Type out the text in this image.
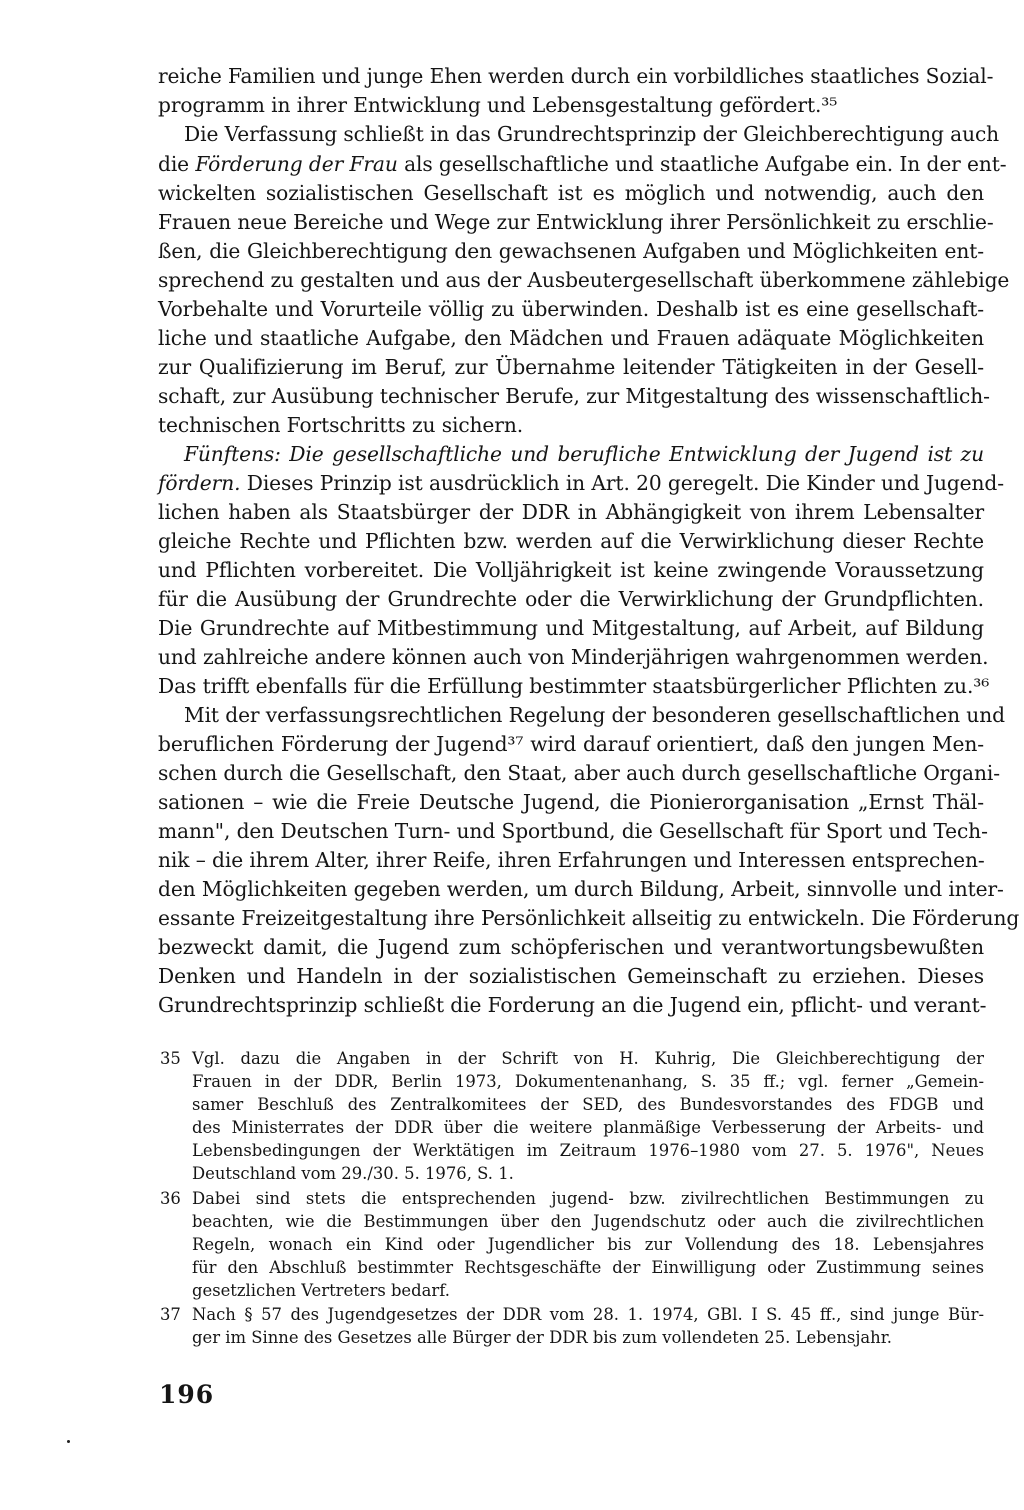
reiche Familien und junge Ehen werden durch ein vorbildliches staatliches Sozial-
programm in ihrer Entwicklung und Lebensgestaltung gefördert.³⁵
Die Verfassung schließt in das Grundrechtsprinzip der Gleichberechtigung auch
die Förderung der Frau als gesellschaftliche und staatliche Aufgabe ein. In der ent-
wickelten sozialistischen Gesellschaft ist es möglich und notwendig, auch den
Frauen neue Bereiche und Wege zur Entwicklung ihrer Persönlichkeit zu erschlie-
ßen, die Gleichberechtigung den gewachsenen Aufgaben und Möglichkeiten ent-
sprechend zu gestalten und aus der Ausbeutergesellschaft überkommene zählebige
Vorbehalte und Vorurteile völlig zu überwinden. Deshalb ist es eine gesellschaft-
liche und staatliche Aufgabe, den Mädchen und Frauen adäquate Möglichkeiten
zur Qualifizierung im Beruf, zur Übernahme leitender Tätigkeiten in der Gesell-
schaft, zur Ausübung technischer Berufe, zur Mitgestaltung des wissenschaftlich-
technischen Fortschritts zu sichern.
Fünftens: Die gesellschaftliche und berufliche Entwicklung der Jugend ist zu
fördern. Dieses Prinzip ist ausdrücklich in Art. 20 geregelt. Die Kinder und Jugend-
lichen haben als Staatsbürger der DDR in Abhängigkeit von ihrem Lebensalter
gleiche Rechte und Pflichten bzw. werden auf die Verwirklichung dieser Rechte
und Pflichten vorbereitet. Die Volljährigkeit ist keine zwingende Voraussetzung
für die Ausübung der Grundrechte oder die Verwirklichung der Grundpflichten.
Die Grundrechte auf Mitbestimmung und Mitgestaltung, auf Arbeit, auf Bildung
und zahlreiche andere können auch von Minderjährigen wahrgenommen werden.
Das trifft ebenfalls für die Erfüllung bestimmter staatsbürgerlicher Pflichten zu.³⁶
Mit der verfassungsrechtlichen Regelung der besonderen gesellschaftlichen und
beruflichen Förderung der Jugend³⁷ wird darauf orientiert, daß den jungen Men-
schen durch die Gesellschaft, den Staat, aber auch durch gesellschaftliche Organi-
sationen – wie die Freie Deutsche Jugend, die Pionierorganisation „Ernst Thäl-
mann", den Deutschen Turn- und Sportbund, die Gesellschaft für Sport und Tech-
nik – die ihrem Alter, ihrer Reife, ihren Erfahrungen und Interessen entsprechen-
den Möglichkeiten gegeben werden, um durch Bildung, Arbeit, sinnvolle und inter-
essante Freizeitgestaltung ihre Persönlichkeit allseitig zu entwickeln. Die Förderung
bezweckt damit, die Jugend zum schöpferischen und verantwortungsbewußten
Denken und Handeln in der sozialistischen Gemeinschaft zu erziehen. Dieses
Grundrechtsprinzip schließt die Forderung an die Jugend ein, pflicht- und verant-
35 Vgl. dazu die Angaben in der Schrift von H. Kuhrig, Die Gleichberechtigung der
Frauen in der DDR, Berlin 1973, Dokumentenanhang, S. 35 ff.; vgl. ferner „Gemein-
samer Beschluß des Zentralkomitees der SED, des Bundesvorstandes des FDGB und
des Ministerrates der DDR über die weitere planmäßige Verbesserung der Arbeits- und
Lebensbedingungen der Werktätigen im Zeitraum 1976–1980 vom 27. 5. 1976", Neues
Deutschland vom 29./30. 5. 1976, S. 1.
36 Dabei sind stets die entsprechenden jugend- bzw. zivilrechtlichen Bestimmungen zu
beachten, wie die Bestimmungen über den Jugendschutz oder auch die zivilrechtlichen
Regeln, wonach ein Kind oder Jugendlicher bis zur Vollendung des 18. Lebensjahres
für den Abschluß bestimmter Rechtsgeschäfte der Einwilligung oder Zustimmung seines
gesetzlichen Vertreters bedarf.
37 Nach § 57 des Jugendgesetzes der DDR vom 28. 1. 1974, GBl. I S. 45 ff., sind junge Bür-
ger im Sinne des Gesetzes alle Bürger der DDR bis zum vollendeten 25. Lebensjahr.
196
